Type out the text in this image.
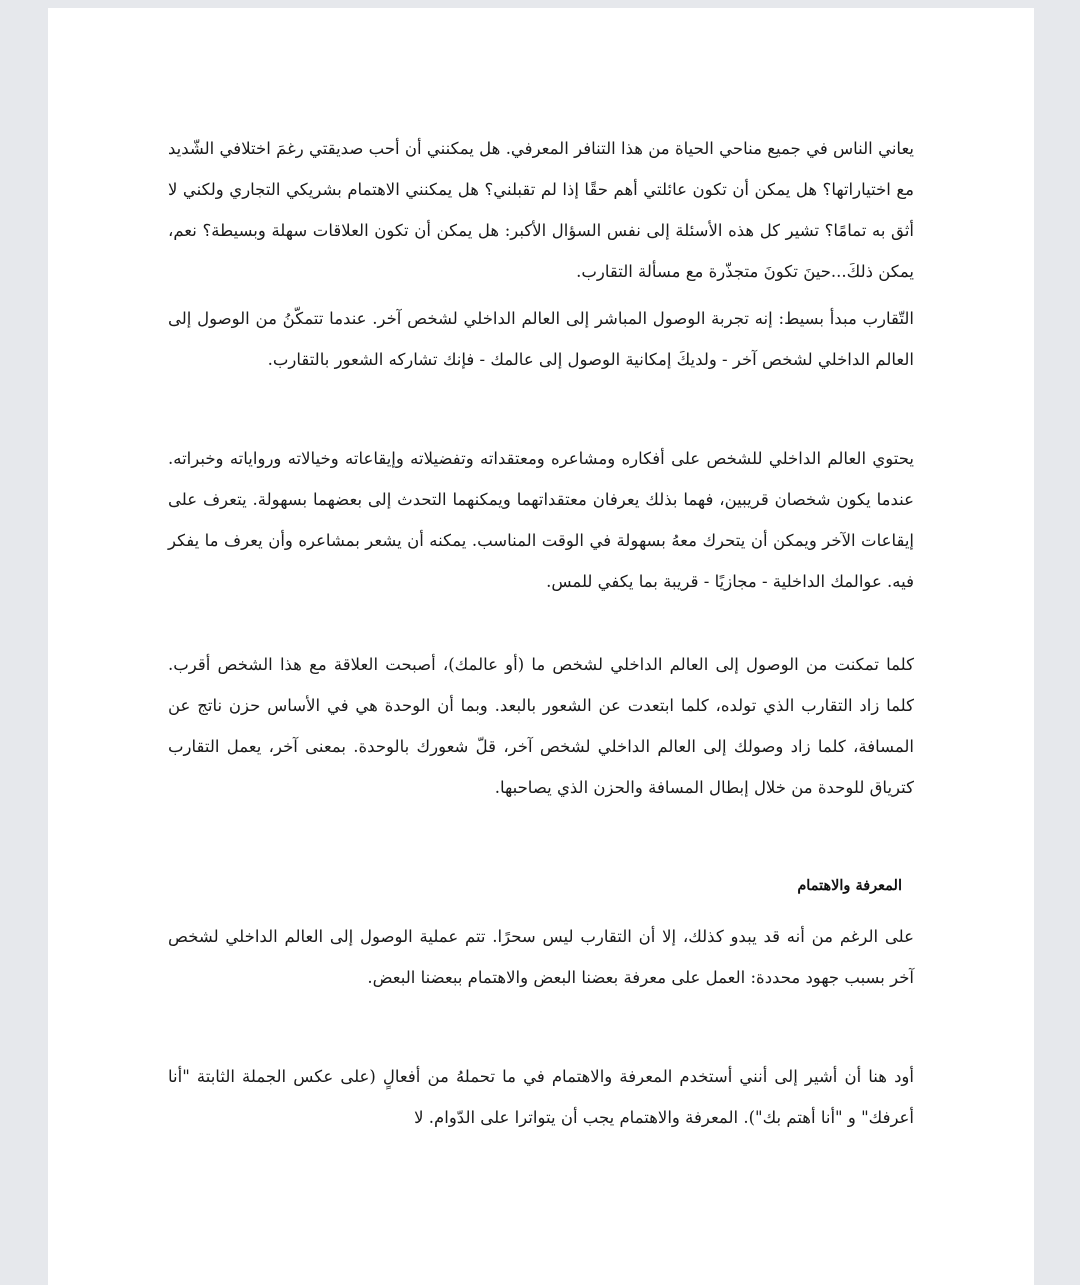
يعاني الناس في جميع مناحي الحياة من هذا التنافر المعرفي. هل يمكنني أن أحب صديقتي رغمَ اختلافي الشّديد مع اختياراتها؟ هل يمكن أن تكون عائلتي أهم حقًا إذا لم تقبلني؟ هل يمكنني الاهتمام بشريكي التجاري ولكني لا أثق به تمامًا؟ تشير كل هذه الأسئلة إلى نفس السؤال الأكبر: هل يمكن أن تكون العلاقات سهلة وبسيطة؟ نعم، يمكن ذلكَ...حينَ تكونَ متجذّرة مع مسألة التقارب.

التّقارب مبدأ بسيط: إنه تجربة الوصول المباشر إلى العالم الداخلي لشخص آخر. عندما تتمكّنُ من الوصول إلى العالم الداخلي لشخص آخر - ولديكَ إمكانية الوصول إلى عالمك - فإنك تشاركه الشعور بالتقارب.

يحتوي العالم الداخلي للشخص على أفكاره ومشاعره ومعتقداته وتفضيلاته وإيقاعاته وخيالاته ورواياته وخبراته. عندما يكون شخصان قريبين، فهما بذلك يعرفان معتقداتهما ويمكنهما التحدث إلى بعضهما بسهولة. يتعرف على إيقاعات الآخر ويمكن أن يتحرك معهُ بسهولة في الوقت المناسب. يمكنه أن يشعر بمشاعره وأن يعرف ما يفكر فيه. عوالمك الداخلية - مجازيًا - قريبة بما يكفي للمس.

كلما تمكنت من الوصول إلى العالم الداخلي لشخص ما (أو عالمك)، أصبحت العلاقة مع هذا الشخص أقرب. كلما زاد التقارب الذي تولده، كلما ابتعدت عن الشعور بالبعد. وبما أن الوحدة هي في الأساس حزن ناتج عن المسافة، كلما زاد وصولك إلى العالم الداخلي لشخص آخر، قلّ شعورك بالوحدة. بمعنى آخر، يعمل التقارب كترياق للوحدة من خلال إبطال المسافة والحزن الذي يصاحبها.

المعرفة والاهتمام

على الرغم من أنه قد يبدو كذلك، إلا أن التقارب ليس سحرًا. تتم عملية الوصول إلى العالم الداخلي لشخص آخر بسبب جهود محددة: العمل على معرفة بعضنا البعض والاهتمام ببعضنا البعض.

أود هنا أن أشير إلى أنني أستخدم المعرفة والاهتمام في ما تحملهُ من أفعالٍ (على عكس الجملة الثابتة "أنا أعرفك" و "أنا أهتم بك"). المعرفة والاهتمام يجب أن يتواترا على الدّوام. لا
